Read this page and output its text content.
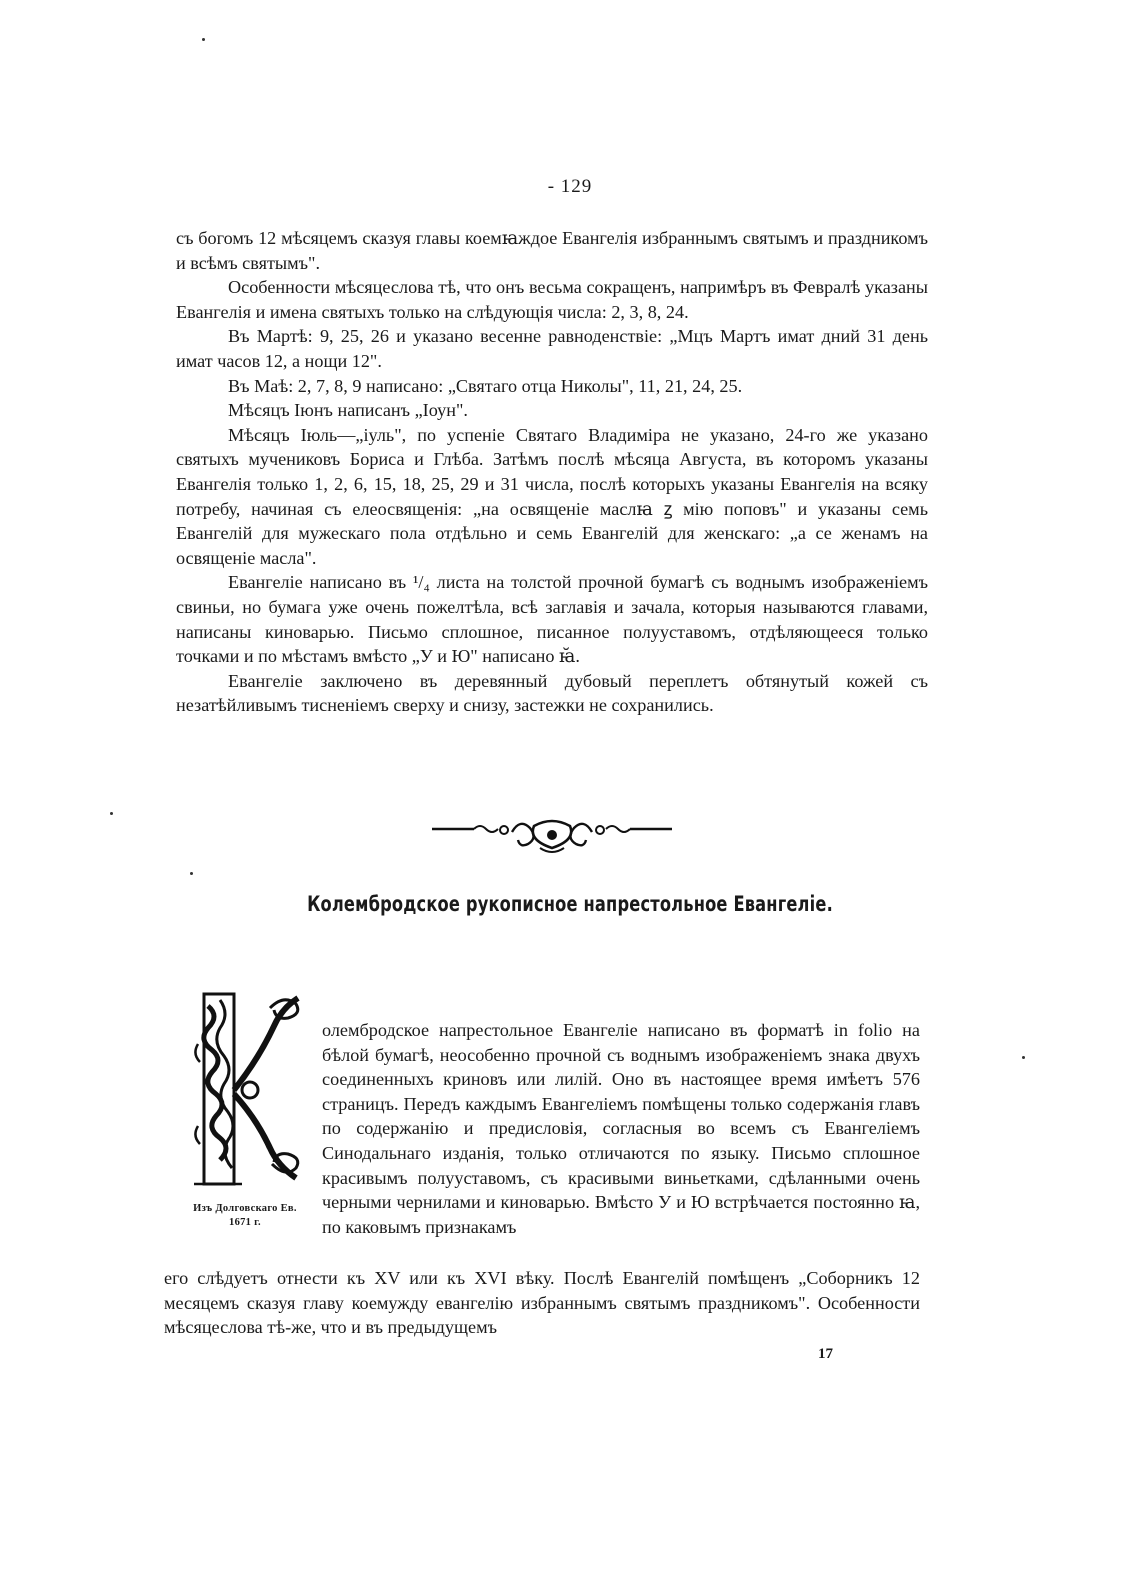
- 129

съ богомъ 12 мѣсяцемъ сказуя главы коемꙗждое Евангелія избраннымъ святымъ и праздникомъ и всѣмъ святымъ".

Особенности мѣсяцеслова тѣ, что онъ весьма сокращенъ, напримѣръ въ Февралѣ указаны Евангелія и имена святыхъ только на слѣдующія числа: 2, 3, 8, 24.

Въ Мартѣ: 9, 25, 26 и указано весенне равноденствіе: „Мцъ Мартъ имат дний 31 день имат часов 12, а нощи 12".

Въ Маѣ: 2, 7, 8, 9 написано: „Святаго отца Николы", 11, 21, 24, 25.

Мѣсяцъ Іюнъ написанъ „Іоун".

Мѣсяцъ Іюль—„іуль", по успеніе Святаго Владиміра не указано, 24-го же указано святыхъ мучениковъ Бориса и Глѣба. Затѣмъ послѣ мѣсяца Августа, въ которомъ указаны Евангелія только 1, 2, 6, 15, 18, 25, 29 и 31 числа, послѣ которыхъ указаны Евангелія на всяку потребу, начиная съ елеосвященія: „на освященіе маслꙗ ꙁ мію поповъ" и указаны семь Евангелій для мужескаго пола отдѣльно и семь Евангелій для женскаго: „а се женамъ на освященіе масла".

Евангеліе написано въ ¹/₄ листа на толстой прочной бумагѣ съ воднымъ изображеніемъ свиньи, но бумага уже очень пожелтѣла, всѣ заглавія и зачала, которыя называются главами, написаны киноварью. Письмо сплошное, писанное полууставомъ, отдѣляющееся только точками и по мѣстамъ вмѣсто „У и Ю" написано ꙗ̆.

Евангеліе заключено въ деревянный дубовый переплетъ обтянутый кожей съ незатѣйливымъ тисненіемъ сверху и снизу, застежки не сохранились.

Колембродское рукописное напрестольное Евангеліе.
Изъ Долговскаго Ев.
1671 г.

олембродское напрестольное Евангеліе написано въ форматѣ in folio на бѣлой бумагѣ, неособенно прочной съ воднымъ изображеніемъ знака двухъ соединенныхъ криновъ или лилій. Оно въ настоящее время имѣетъ 576 страницъ. Передъ каждымъ Евангеліемъ помѣщены только содержанія главъ по содержанію и предисловія, согласныя во всемъ съ Евангеліемъ Синодальнаго изданія, только отличаются по языку. Письмо сплошное красивымъ полууставомъ, съ красивыми виньетками, сдѣланными очень черными чернилами и киноварью. Вмѣсто У и Ю встрѣчается постоянно ꙗ, по каковымъ признакамъ

его слѣдуетъ отнести къ XV или къ XVI вѣку. Послѣ Евангелій помѣщенъ „Соборникъ 12 месяцемъ сказуя главу коемужду евангелію избраннымъ святымъ праздникомъ". Особенности мѣсяцеслова тѣ-же, что и въ предыдущемъ

17
